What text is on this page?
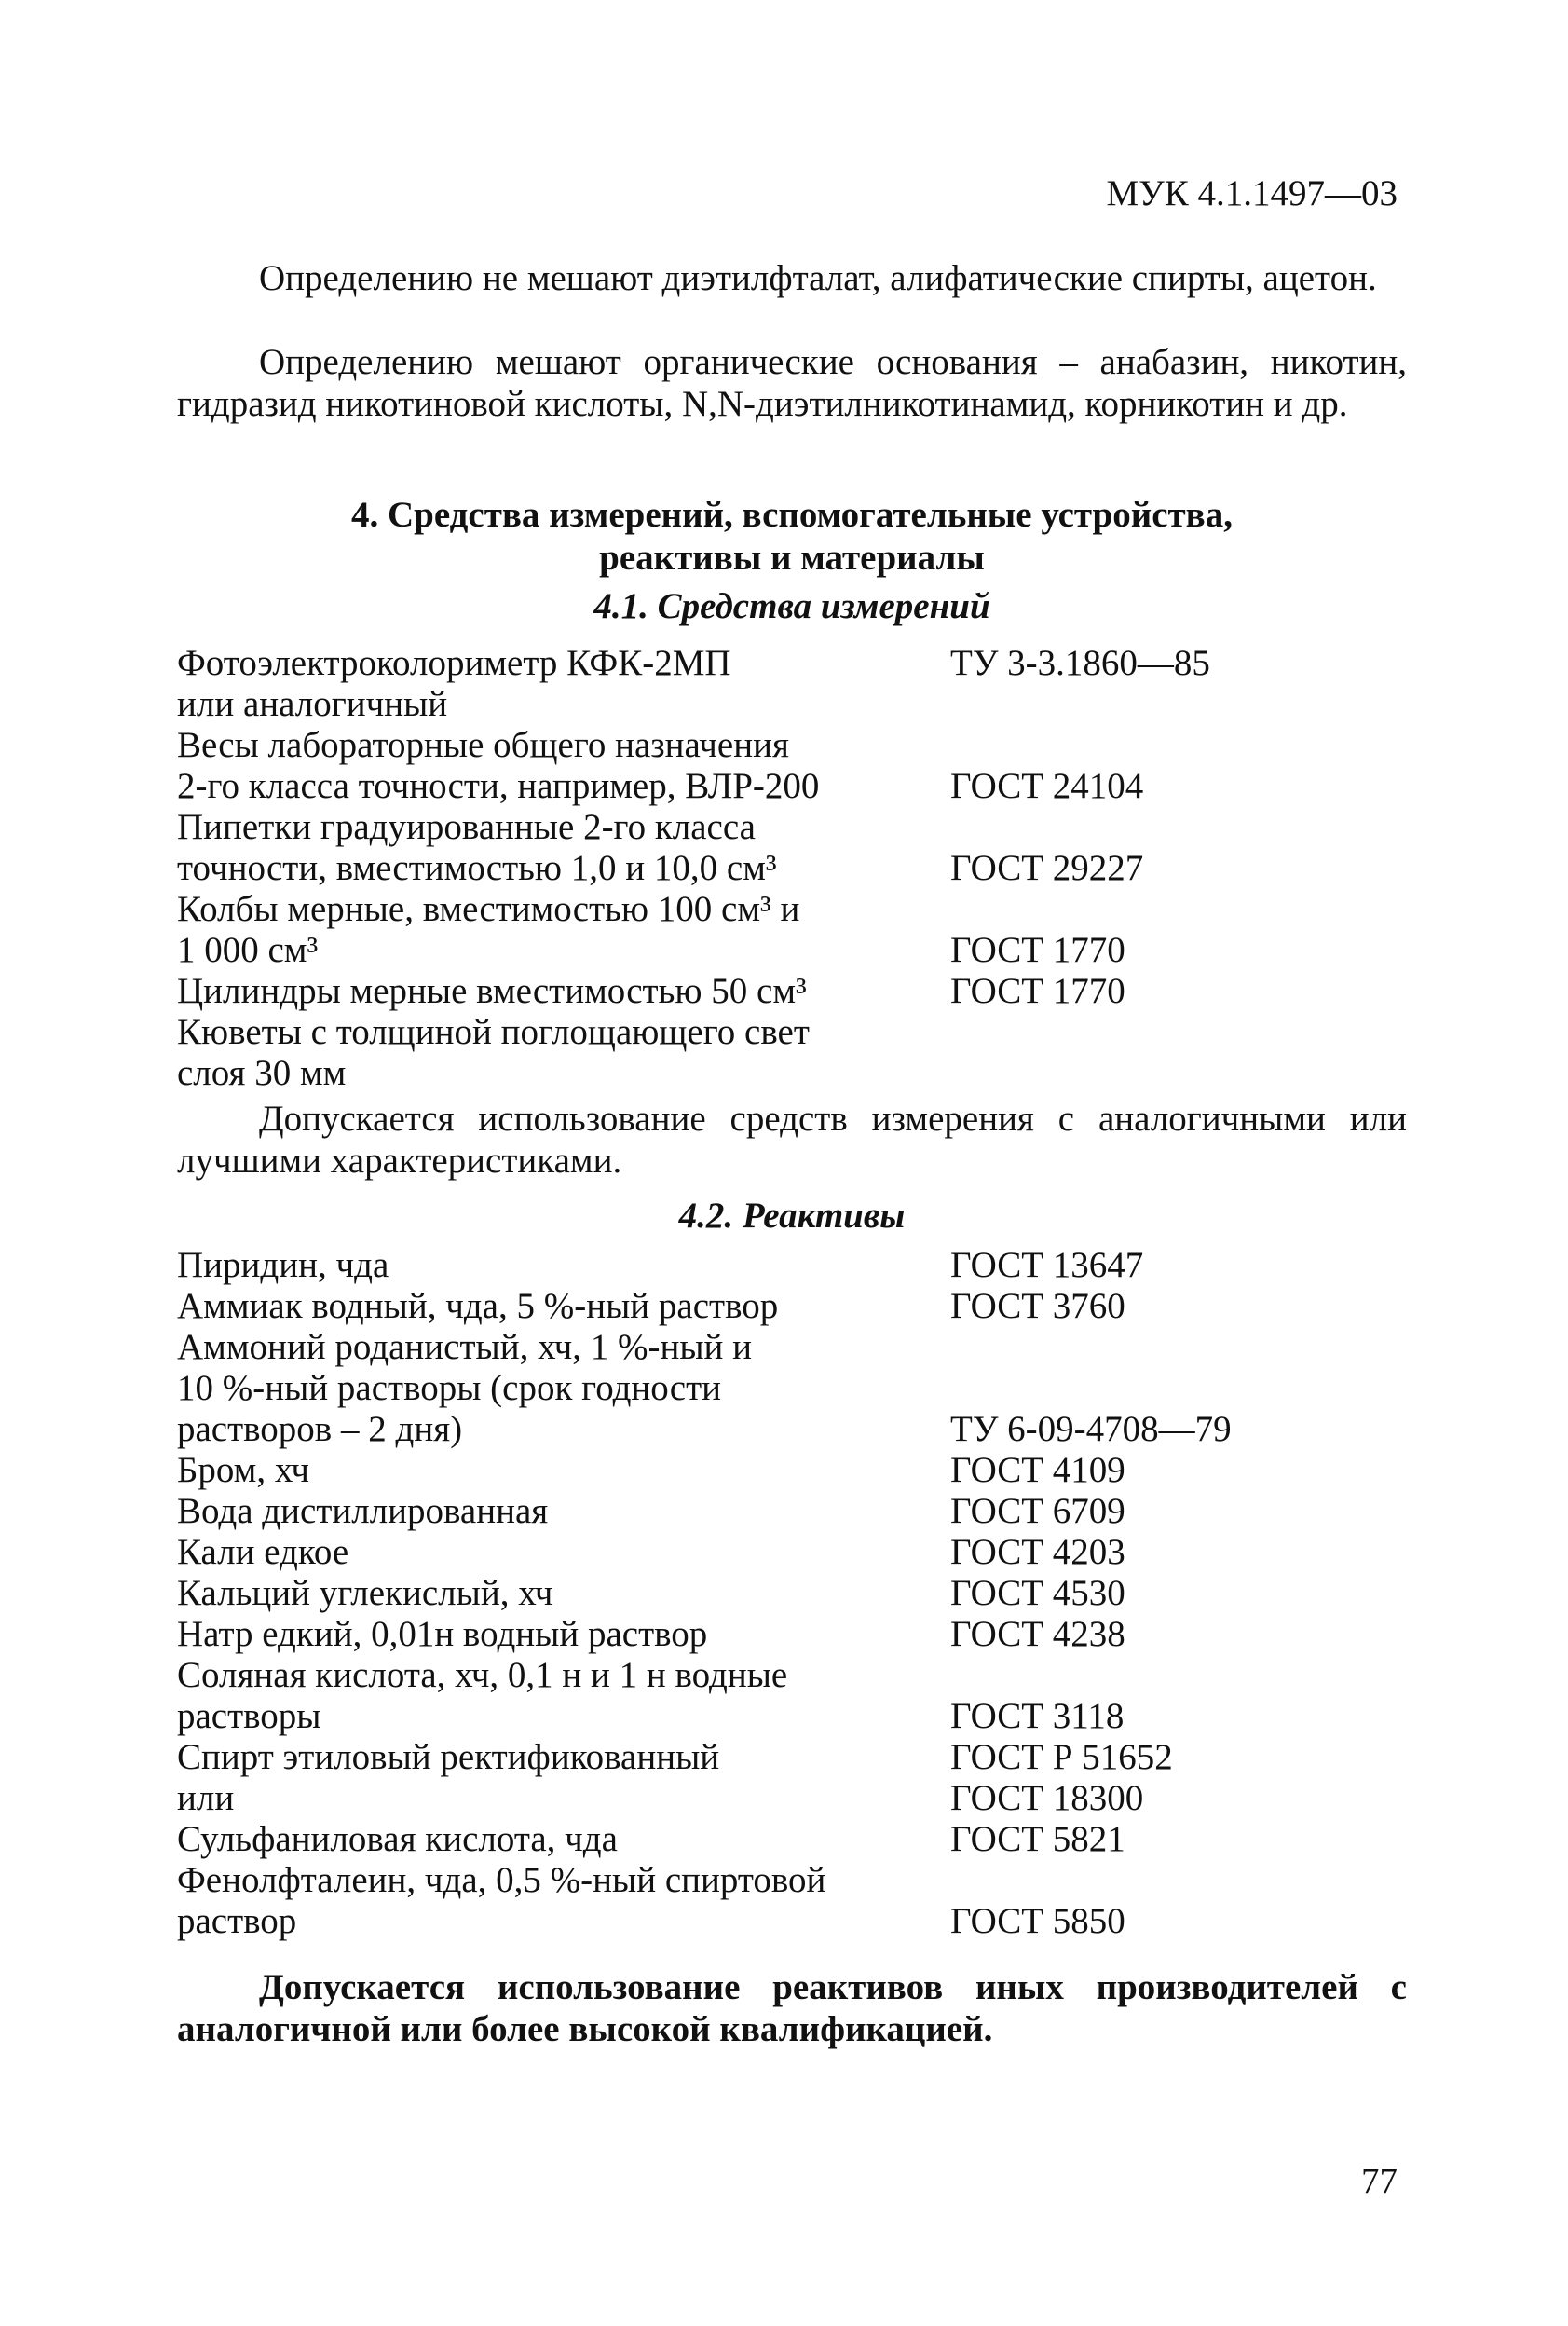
МУК 4.1.1497—03

Определению не мешают диэтилфталат, алифатические спирты, ацетон.

Определению мешают органические основания – анабазин, никотин, гидразид никотиновой кислоты, N,N-диэтилникотинамид, корникотин и др.

4. Средства измерений, вспомогательные устройства,
реактивы и материалы
4.1. Средства измерений
Фотоэлектроколориметр КФК-2МП	ТУ 3-3.1860—85
или аналогичный
Весы лабораторные общего назначения
2-го класса точности, например, ВЛР-200	ГОСТ 24104
Пипетки градуированные 2-го класса
точности, вместимостью 1,0 и 10,0 см³	ГОСТ 29227
Колбы мерные, вместимостью 100 см³ и
1 000 см³	ГОСТ 1770
Цилиндры мерные вместимостью 50 см³	ГОСТ 1770
Кюветы с толщиной поглощающего свет
слоя 30 мм

Допускается использование средств измерения с аналогичными или лучшими характеристиками.

4.2. Реактивы
Пиридин, чда	ГОСТ 13647
Аммиак водный, чда, 5 %-ный раствор	ГОСТ 3760
Аммоний роданистый, хч, 1 %-ный и
10 %-ный растворы (срок годности
растворов – 2 дня)	ТУ 6-09-4708—79
Бром, хч	ГОСТ 4109
Вода дистиллированная	ГОСТ 6709
Кали едкое	ГОСТ 4203
Кальций углекислый, хч	ГОСТ 4530
Натр едкий, 0,01н водный раствор	ГОСТ 4238
Соляная кислота, хч, 0,1 н и 1 н водные
растворы	ГОСТ 3118
Спирт этиловый ректификованный	ГОСТ Р 51652
или	ГОСТ 18300
Сульфаниловая кислота, чда	ГОСТ 5821
Фенолфталеин, чда, 0,5 %-ный спиртовой
раствор	ГОСТ 5850

Допускается использование реактивов иных производителей с аналогичной или более высокой квалификацией.

77
